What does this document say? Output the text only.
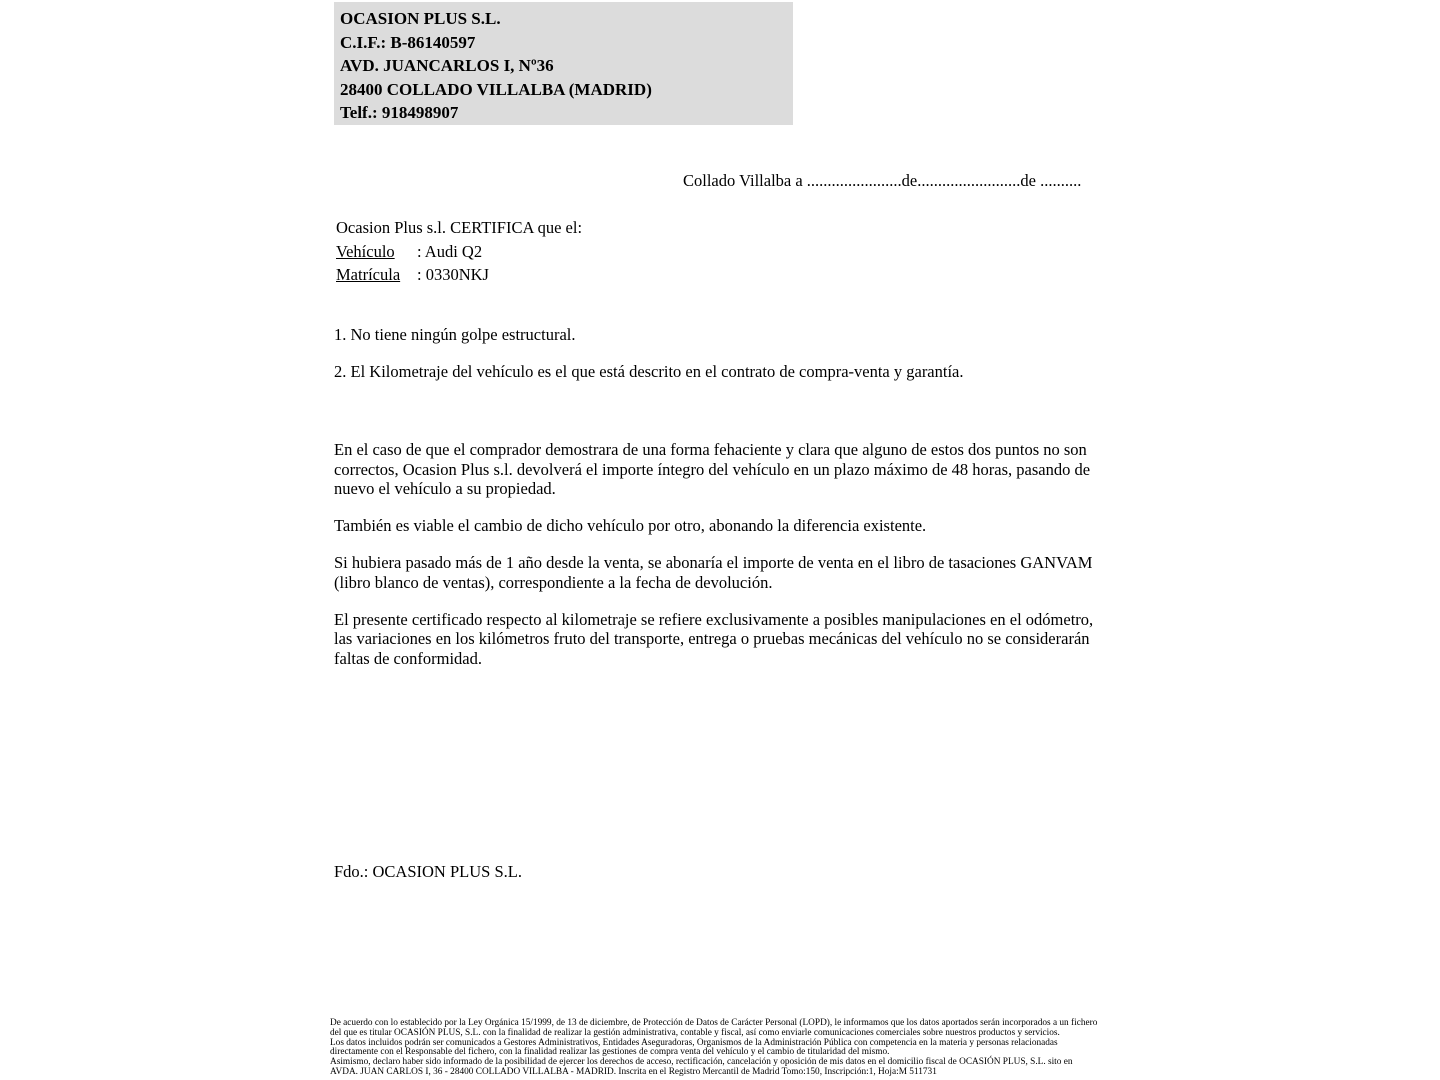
OCASION PLUS S.L.
C.I.F.: B-86140597
AVD. JUANCARLOS I, Nº36
28400 COLLADO VILLALBA (MADRID)
Telf.: 918498907
Collado Villalba a .......................de.........................de ..........
Ocasion Plus s.l. CERTIFICA que el:
Vehículo : Audi Q2
Matrícula : 0330NKJ
1. No tiene ningún golpe estructural.
2. El Kilometraje del vehículo es el que está descrito en el contrato de compra-venta y garantía.
En el caso de que el comprador demostrara de una forma fehaciente y clara que alguno de estos dos puntos no son correctos, Ocasion Plus s.l. devolverá el importe íntegro del vehículo en un plazo máximo de 48 horas, pasando de nuevo el vehículo a su propiedad.
También es viable el cambio de dicho vehículo por otro, abonando la diferencia existente.
Si hubiera pasado más de 1 año desde la venta, se abonaría el importe de venta en el libro de tasaciones GANVAM (libro blanco de ventas), correspondiente a la fecha de devolución.
El presente certificado respecto al kilometraje se refiere exclusivamente a posibles manipulaciones en el odómetro, las variaciones en los kilómetros fruto del transporte, entrega o pruebas mecánicas del vehículo no se considerarán faltas de conformidad.
Fdo.: OCASION PLUS S.L.
De acuerdo con lo establecido por la Ley Orgánica 15/1999, de 13 de diciembre, de Protección de Datos de Carácter Personal (LOPD), le informamos que los datos aportados serán incorporados a un fichero del que es titular OCASIÓN PLUS, S.L. con la finalidad de realizar la gestión administrativa, contable y fiscal, así como enviarle comunicaciones comerciales sobre nuestros productos y servicios.
Los datos incluidos podrán ser comunicados a Gestores Administrativos, Entidades Aseguradoras, Organismos de la Administración Pública con competencia en la materia y personas relacionadas directamente con el Responsable del fichero, con la finalidad realizar las gestiones de compra venta del vehículo y el cambio de titularidad del mismo.
Asimismo, declaro haber sido informado de la posibilidad de ejercer los derechos de acceso, rectificación, cancelación y oposición de mis datos en el domicilio fiscal de OCASIÓN PLUS, S.L. sito en AVDA. JUAN CARLOS I, 36 - 28400 COLLADO VILLALBA - MADRID. Inscrita en el Registro Mercantil de Madrid Tomo:150, Inscripción:1, Hoja:M 511731
